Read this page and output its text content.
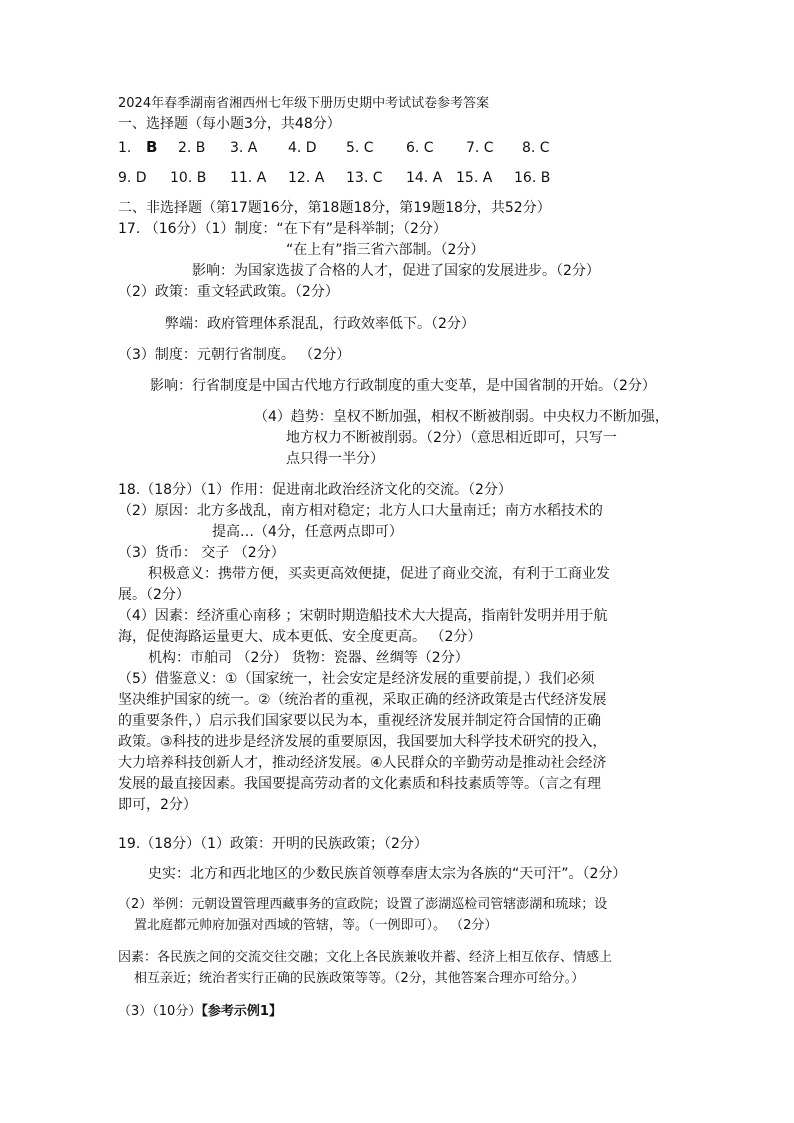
2024年春季湖南省湘西州七年级下册历史期中考试试卷参考答案
一、选择题（每小题3分，共48分）
1. B 2. B 3. A 4. D 5. C 6. C 7. C 8. C
9. D 10. B 11. A 12. A 13. C 14. A 15. A 16. B
二、非选择题（第17题16分，第18题18分，第19题18分，共52分）
17. （16分）（1）制度：“在下有”是科举制；（2分）
“在上有”指三省六部制。（2分）
影响：为国家选拔了合格的人才，促进了国家的发展进步。（2分）
（2）政策：重文轻武政策。（2分）
弊端：政府管理体系混乱，行政效率低下。（2分）
（3）制度：元朝行省制度。 （2分）
影响：行省制度是中国古代地方行政制度的重大变革，是中国省制的开始。（2分）
（4）趋势：皇权不断加强，相权不断被削弱。中央权力不断加强，
地方权力不断被削弱。（2分）（意思相近即可，只写一
点只得一半分）
18.（18分）（1）作用：促进南北政治经济文化的交流。（2分）
（2）原因：北方多战乱，南方相对稳定；北方人口大量南迁；南方水稻技术的
提高…（4分，任意两点即可）
（3）货币： 交子 （2分）
积极意义：携带方便，买卖更高效便捷，促进了商业交流，有利于工商业发
展。（2分）
（4）因素：经济重心南移 ；宋朝时期造船技术大大提高，指南针发明并用于航
海，促使海路运量更大、成本更低、安全度更高。 （2分）
机构：市舶司 （2分） 货物：瓷器、丝绸等（2分）
（5）借鉴意义：①（国家统一，社会安定是经济发展的重要前提，）我们必须
坚决维护国家的统一。②（统治者的重视，采取正确的经济政策是古代经济发展
的重要条件，）启示我们国家要以民为本，重视经济发展并制定符合国情的正确
政策。③科技的进步是经济发展的重要原因，我国要加大科学技术研究的投入，
大力培养科技创新人才，推动经济发展。④人民群众的辛勤劳动是推动社会经济
发展的最直接因素。我国要提高劳动者的文化素质和科技素质等等。（言之有理
即可，2分）
19.（18分）（1）政策：开明的民族政策；（2分）
史实：北方和西北地区的少数民族首领尊奉唐太宗为各族的“天可汗”。（2分）
（2）举例：元朝设置管理西藏事务的宣政院；设置了澎湖巡检司管辖澎湖和琉球；设
置北庭都元帅府加强对西域的管辖，等。（一例即可）。 （2分）
因素：各民族之间的交流交往交融；文化上各民族兼收并蓄、经济上相互依存、情感上
相互亲近；统治者实行正确的民族政策等等。（2分，其他答案合理亦可给分。）
（3）（10分）【参考示例1】
